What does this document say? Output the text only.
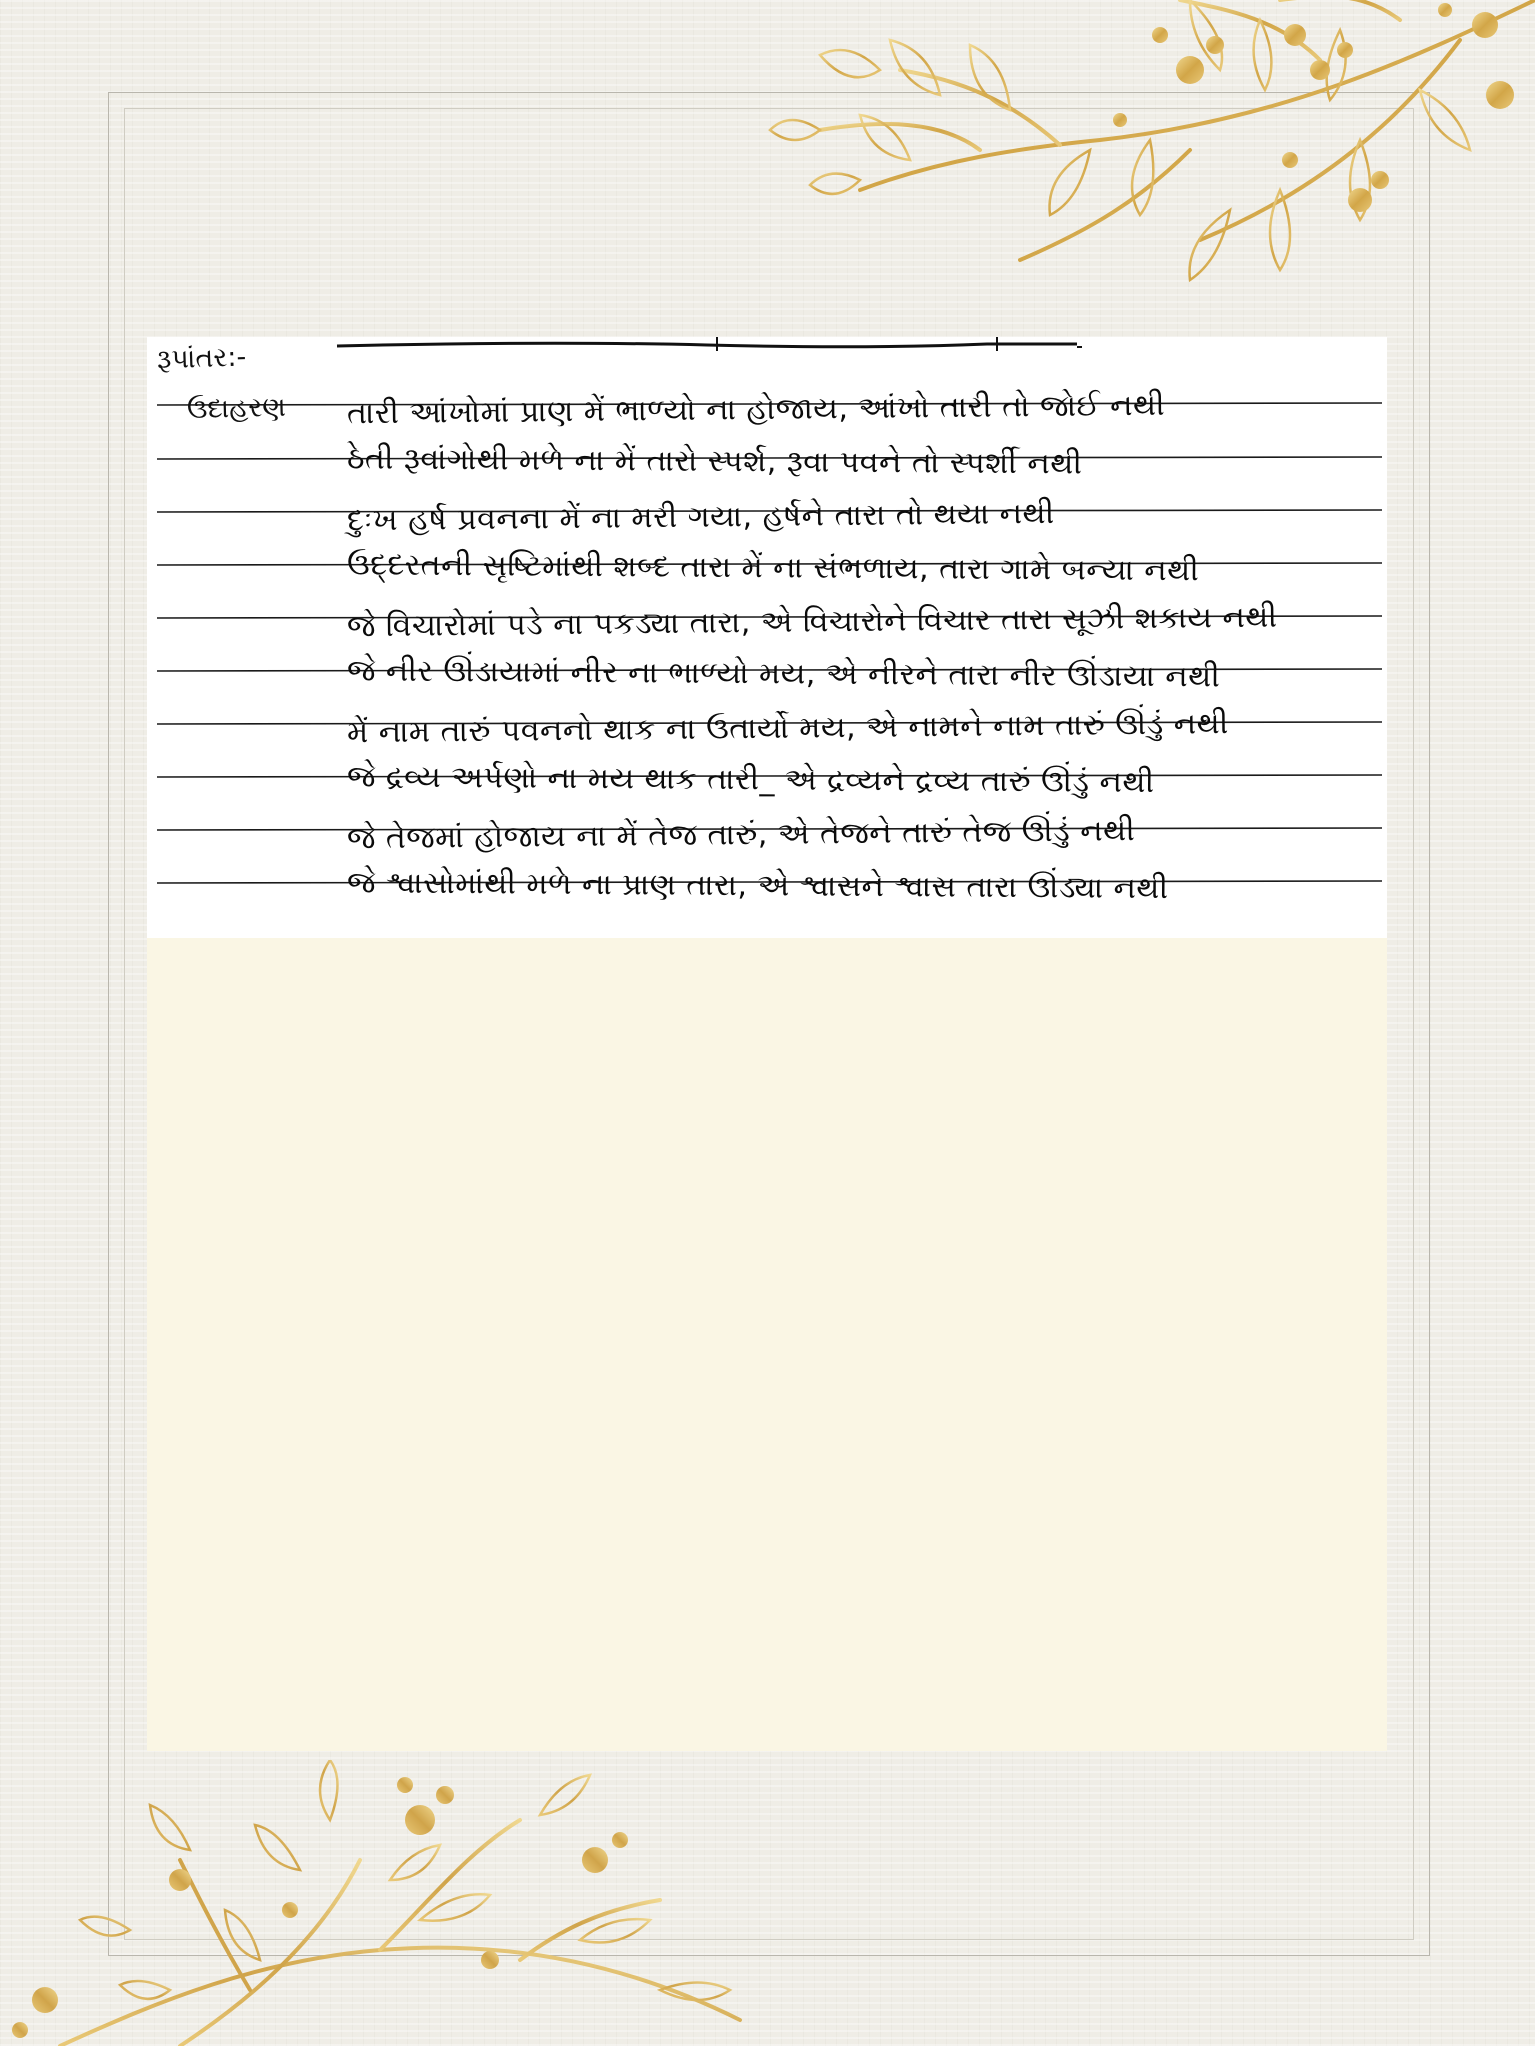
રૂપાંતર:-
ઉદાહરણ તારી આંખોમાં પ્રાણ મેં ભાળ્યો ના હોજાય, આંખો તારી તો જોઈ નથી
ઠેતી રૂવાંગોથી મળે ના મેં તારો સ્પર્શ, રૂવા પવને તો સ્પર્શી નથી
દુઃખ હર્ષ પ્રવનના મેં ના મરી ગયા, હર્ષને તારા તો થયા નથી
ઉદ્દરતની સૃષ્ટિમાંથી શબ્દ તારા મેં ના સંભળાય, તારા ગામે બન્યા નથી
જે વિચારોમાં પડે ના પકડ્યા તારા, એ વિચારોને વિચાર તારા સૂઝી શકાય નથી
જે નીર ઊંડાયામાં નીર ના ભાળ્યો મય, એ નીરને તારા નીર ઊંડાયા નથી
મેં નામ તારું પવનનો થાક ના ઉતાર્યો મય, એ નામને નામ તારું ઊંડું નથી
જે દ્રવ્ય અર્પણો ના મય થાક તારી_ એ દ્રવ્યને દ્રવ્ય તારું ઊંડું નથી
જે તેજમાં હોજાય ના મેં તેજ તારું, એ તેજને તારું તેજ ઊંડું નથી
જે શ્વાસોમાંથી મળે ના પ્રાણ તારા, એ શ્વાસને શ્વાસ તારા ઊંડ્યા નથી
